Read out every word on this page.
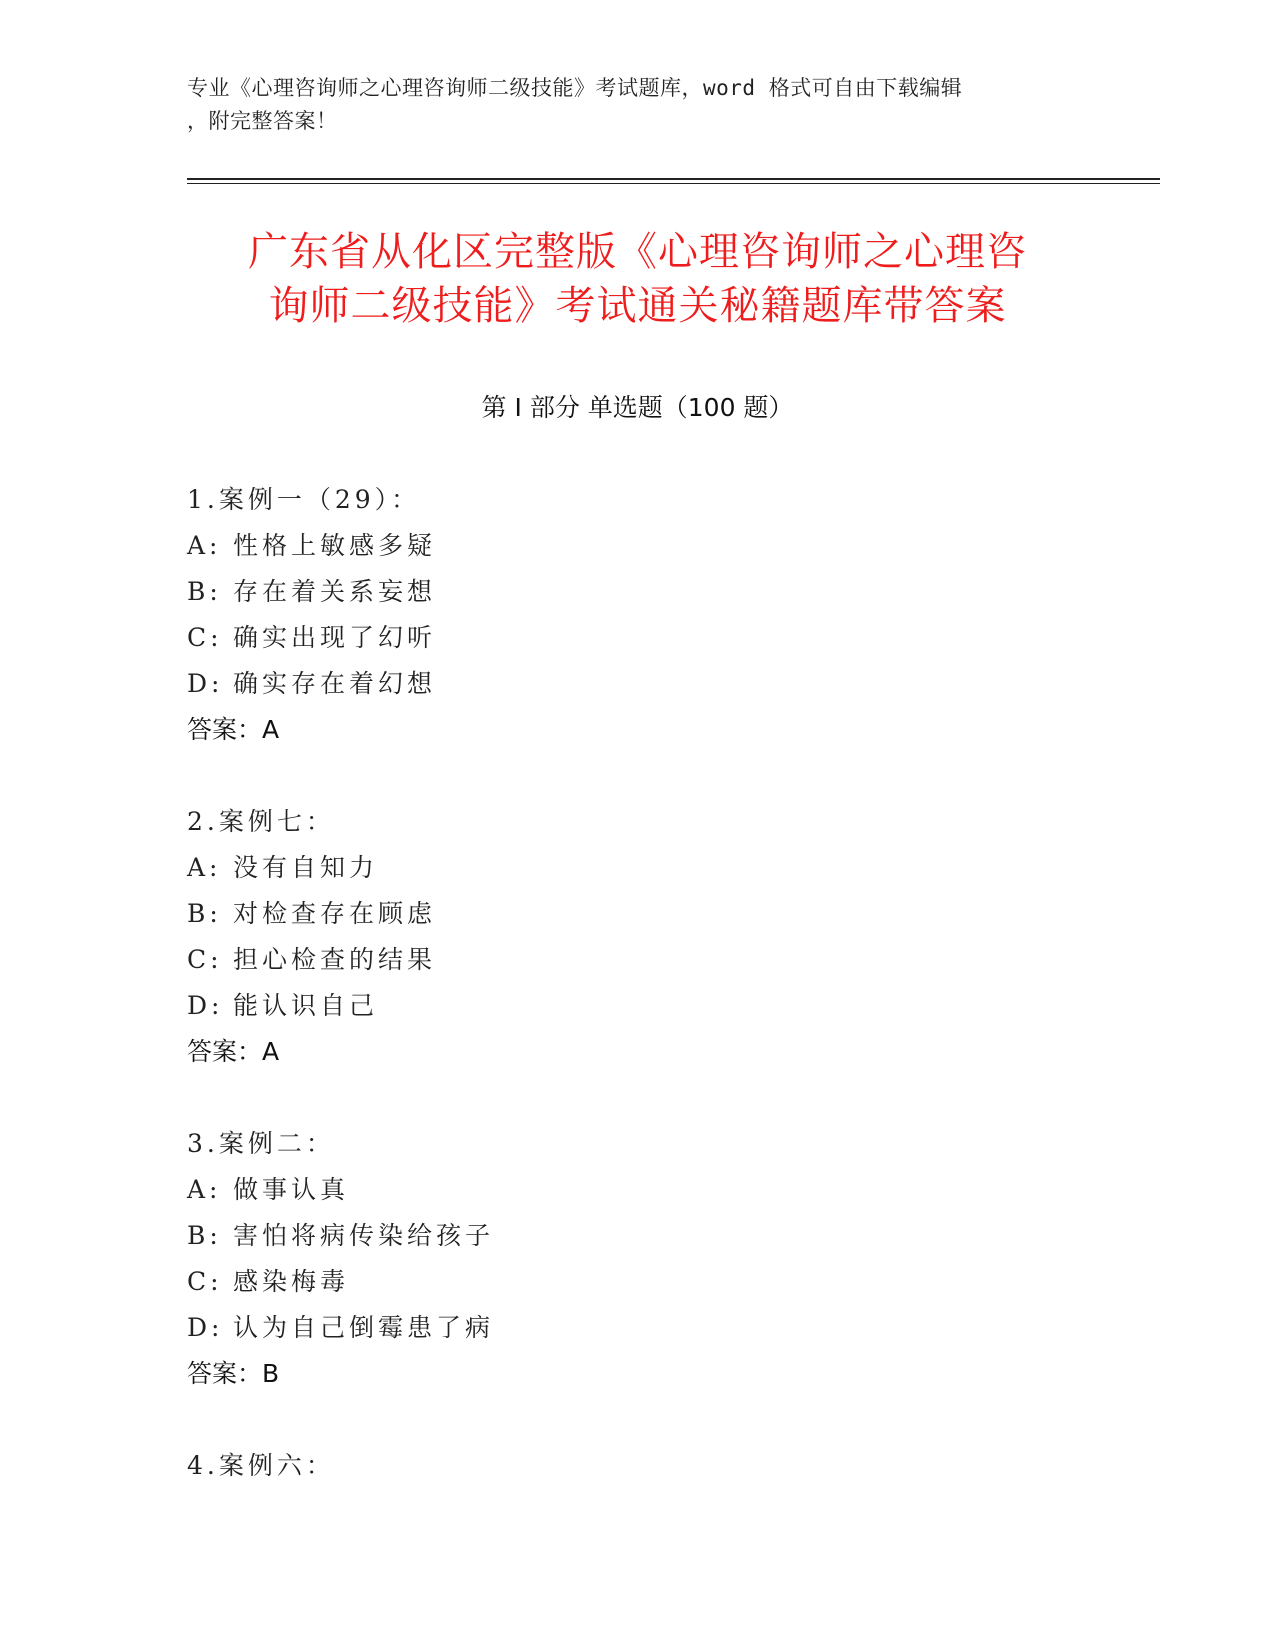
专业《心理咨询师之心理咨询师二级技能》考试题库，word 格式可自由下载编辑
，附完整答案！
广东省从化区完整版《心理咨询师之心理咨
询师二级技能》考试通关秘籍题库带答案
第 I 部分 单选题（100 题）
1.案例一（29）：
A: 性格上敏感多疑
B: 存在着关系妄想
C: 确实出现了幻听
D: 确实存在着幻想
答案：A
2.案例七：
A: 没有自知力
B: 对检查存在顾虑
C: 担心检查的结果
D: 能认识自己
答案：A
3.案例二：
A: 做事认真
B: 害怕将病传染给孩子
C: 感染梅毒
D: 认为自己倒霉患了病
答案：B
4.案例六：
